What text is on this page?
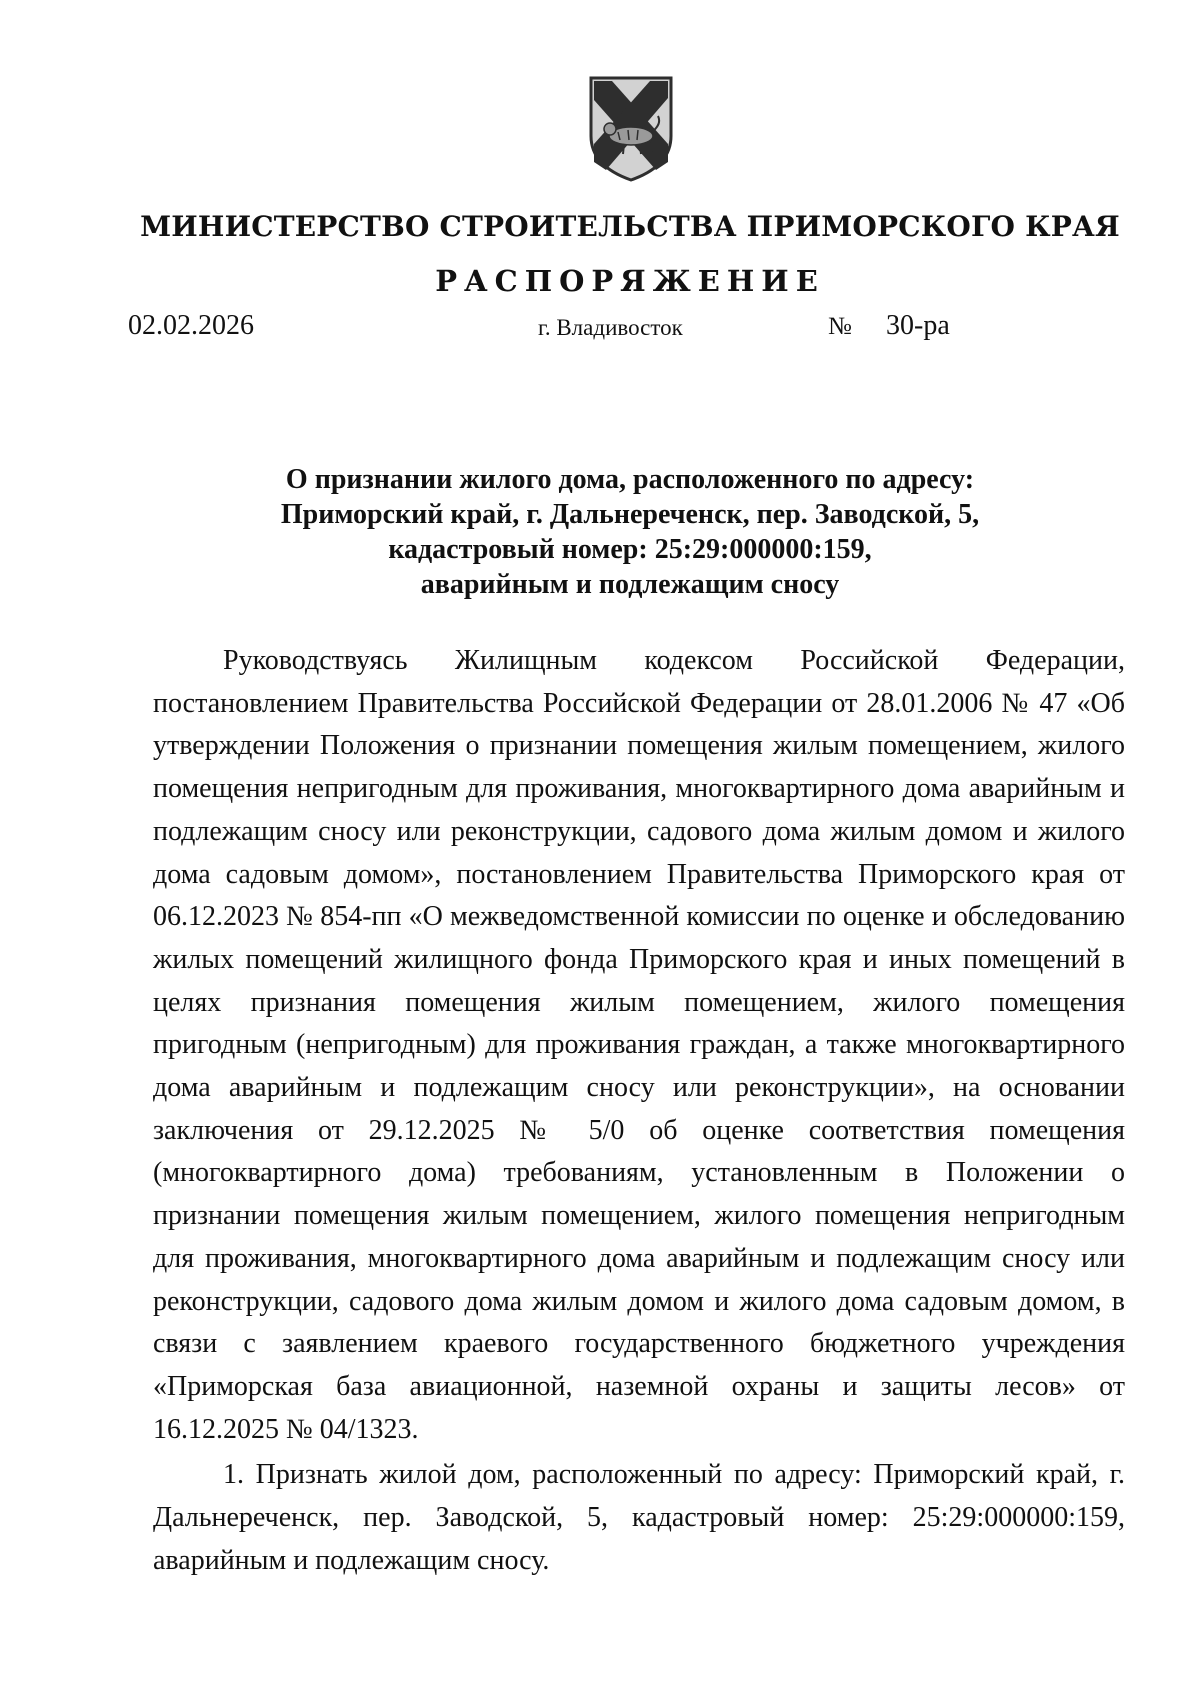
МИНИСТЕРСТВО СТРОИТЕЛЬСТВА ПРИМОРСКОГО КРАЯ
РАСПОРЯЖЕНИЕ
02.02.2026	г. Владивосток	№ 30-ра
О признании жилого дома, расположенного по адресу:
Приморский край, г. Дальнереченск, пер. Заводской, 5,
кадастровый номер: 25:29:000000:159,
аварийным и подлежащим сносу

Руководствуясь Жилищным кодексом Российской Федерации, постановлением Правительства Российской Федерации от 28.01.2006 № 47 «Об утверждении Положения о признании помещения жилым помещением, жилого помещения непригодным для проживания, многоквартирного дома аварийным и подлежащим сносу или реконструкции, садового дома жилым домом и жилого дома садовым домом», постановлением Правительства Приморского края от 06.12.2023 № 854-пп «О межведомственной комиссии по оценке и обследованию жилых помещений жилищного фонда Приморского края и иных помещений в целях признания помещения жилым помещением, жилого помещения пригодным (непригодным) для проживания граждан, а также многоквартирного дома аварийным и подлежащим сносу или реконструкции», на основании заключения от 29.12.2025 № 5/0 об оценке соответствия помещения (многоквартирного дома) требованиям, установленным в Положении о признании помещения жилым помещением, жилого помещения непригодным для проживания, многоквартирного дома аварийным и подлежащим сносу или реконструкции, садового дома жилым домом и жилого дома садовым домом, в связи с заявлением краевого государственного бюджетного учреждения «Приморская база авиационной, наземной охраны и защиты лесов» от 16.12.2025 № 04/1323.

1. Признать жилой дом, расположенный по адресу: Приморский край, г. Дальнереченск, пер. Заводской, 5, кадастровый номер: 25:29:000000:159, аварийным и подлежащим сносу.
